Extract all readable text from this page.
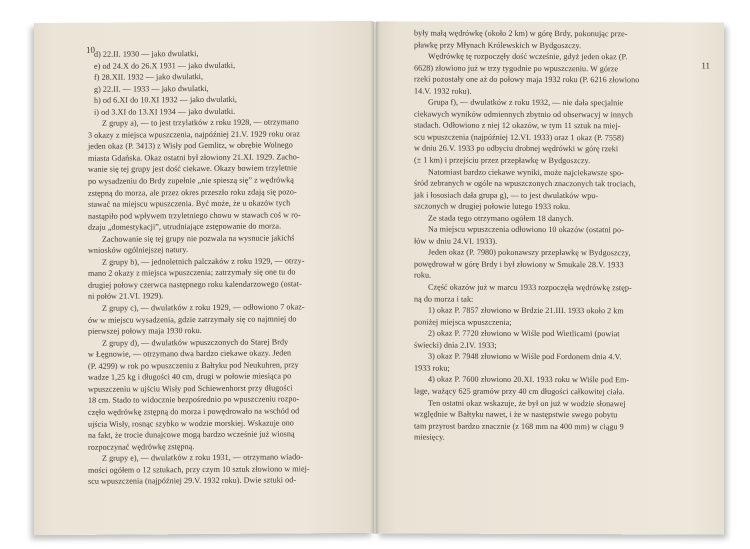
10 d) 22.II. 1930 — jako dwulatki,
e) od 24.X do 26.X 1931 — jako dwulatki,
f) 28.XII. 1932 — jako dwulatki,
g) 22.II. — 1933 — jako dwulatki,
h) od 6.XI do 10.XI 1932 — jako dwulatki,
i) od 3.XI do 13.XI 1934 — jako dwulatki.
Z grupy a), — to jest trzylatków z roku 1928, — otrzymano
3 okazy z miejsca wpuszczenia, najpóźniej 21.V. 1929 roku oraz
jeden okaz (P. 3413) z Wisły pod Gemlitz, w obrębie Wolnego
miasta Gdańska. Okaz ostatni był złowiony 21.XI. 1929. Zacho-
wanie się tej grupy jest dość ciekawe. Okazy bowiem trzyletnie
po wysadzeniu do Brdy zupełnie „nie spieszą się” z wędrówką
zstępną do morza, ale przez okres przeszło roku zdają się pozo-
stawać na miejscu wpuszczenia. Być może, że u okazów tych
nastąpiło pod wpływem trzyletniego chowu w stawach coś w ro-
dzaju „domestykacji”, utrudniające zstępowanie do morza.
Zachowanie się tej grupy nie pozwala na wysnucie jakichś
wniosków ogólniejszej natury.
Z grupy b), — jednoletnich palczaków z roku 1929, — otrzy-
mano 2 okazy z miejsca wpuszczenia; zatrzymały się one tu do
drugiej połowy czerwca następnego roku kalendarzowego (ostat-
ni połów 21.VI. 1929).
Z grupy c), — dwulatków z roku 1929, — odłowiono 7 okaz-
ów w miejscu wysadzenia, gdzie zatrzymały się co najmniej do
pierwszej połowy maja 1930 roku.
Z grupy d), — dwulatków wpuszczonych do Starej Brdy
w Łęgnowie, — otrzymano dwa bardzo ciekawe okazy. Jeden
(P. 4299) w rok po wpuszczeniu z Bałtyku pod Neukuhren, przy
wadze 1,25 kg i długości 40 cm, drugi w połowie miesiąca po
wpuszczeniu w ujściu Wisły pod Schiewenhorst przy długości
18 cm. Stado to widocznie bezpośrednio po wpuszczeniu rozpo-
częło wędrówkę zstępną do morza i powędrowało na wschód od
ujścia Wisły, rosnąc szybko w wodzie morskiej. Wskazuje ono
na fakt, że trocie dunajcowe mogą bardzo wcześnie już wiosną
rozpoczynać wędrówkę zstępną.
Z grupy e), — dwulatków z roku 1931, — otrzymano wiado-
mości ogółem o 12 sztukach, przy czym 10 sztuk złowiono w miej-
scu wpuszczenia (najpóźniej 29.V. 1932 roku). Dwie sztuki od-
11
były małą wędrówkę (około 2 km) w górę Brdy, pokonując prze-
pławkę przy Młynach Królewskich w Bydgoszczy.
Wędrówkę tę rozpoczęły dość wcześnie, gdyż jeden okaz (P.
6628) złowiono już w trzy tygodnie po wpuszczeniu. W górze
rzeki pozostały one aż do połowy maja 1932 roku (P. 6216 złowiono
14.V. 1932 roku).
Grupa f), — dwulatków z roku 1932, — nie dała specjalnie
ciekawych wyników odmiennych zbytnio od obserwacyj w innych
stadach. Odłowiono z niej 12 okazów, w tym 11 sztuk na miej-
scu wpuszczenia (najpóźniej 12.VI. 1933) oraz 1 okaz (P. 7558)
w dniu 26.V. 1933 po odbyciu drobnej wędrówki w górę rzeki
(± 1 km) i przejściu przez przepławkę w Bydgoszczy.
Natomiast bardzo ciekawe wyniki, może najciekawsze spo-
śród zebranych w ogóle na wpuszczonych znaczonych tak trociach,
jak i łososiach dała grupa g), — to jest dwulatków wpu-
szczonych w drugiej połowie lutego 1933 roku.
Ze stada tego otrzymano ogółem 18 danych.
Na miejscu wpuszczenia odłowiono 10 okazów (ostatni po-
łów w dniu 24.VI. 1933).
Jeden okaz (P. 7980) pokonawszy przepławkę w Bydgoszczy,
powędrował w górę Brdy i był złowiony w Smukale 28.V. 1933
roku.
Część okazów już w marcu 1933 rozpoczęła wędrówkę zstęp-
ną do morza i tak:
1) okaz P. 7857 złowiono w Brdzie 21.III. 1933 około 2 km
poniżej miejsca wpuszczenia;
2) okaz P. 7720 złowiono w Wiśle pod Wietlicami (powiat
świecki) dnia 2.IV. 1933;
3) okaz P. 7948 złowiono w Wiśle pod Fordonem dnia 4.V.
1933 roku;
4) okaz P. 7600 złowiono 20.XI. 1933 roku w Wiśle pod Em-
lage, ważący 625 gramów przy 40 cm długości całkowitej ciała.
Ten ostatni okaz wskazuje, że był on już w wodzie słonawej
względnie w Bałtyku nawet, i że w następstwie swego pobytu
tam przyrost bardzo znacznie (z 168 mm na 400 mm) w ciągu 9
miesięcy.
